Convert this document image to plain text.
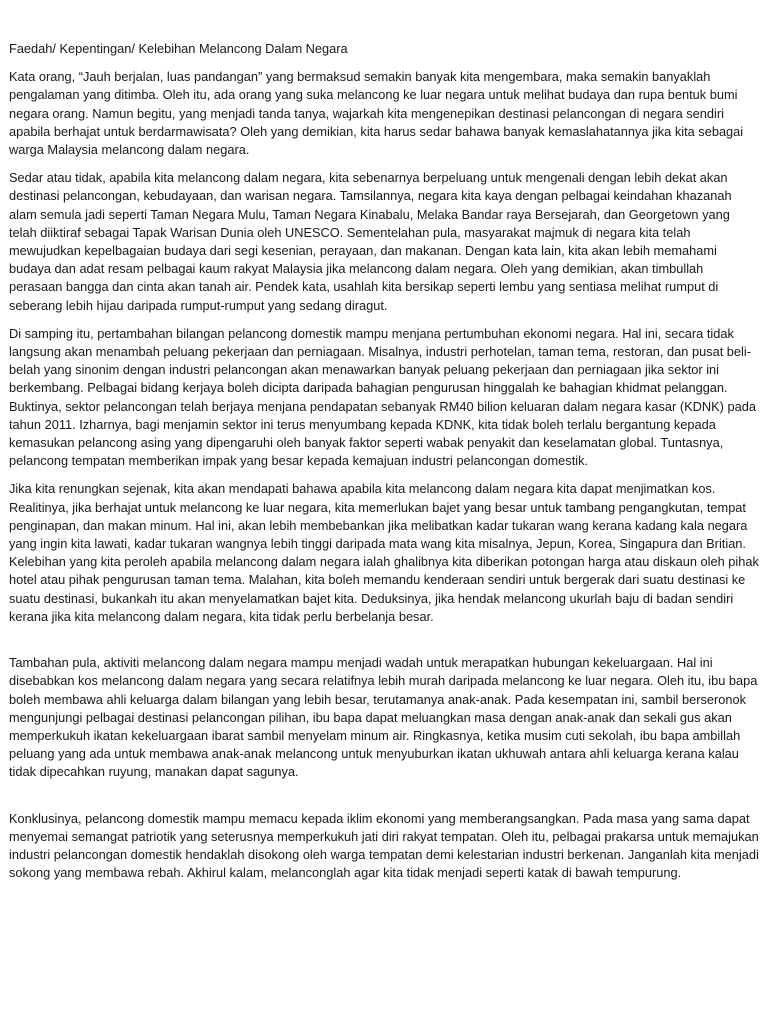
Faedah/ Kepentingan/ Kelebihan Melancong Dalam Negara

Kata orang, “Jauh berjalan, luas pandangan” yang bermaksud semakin banyak kita mengembara, maka semakin banyaklah pengalaman yang ditimba. Oleh itu, ada orang yang suka melancong ke luar negara untuk melihat budaya dan rupa bentuk bumi negara orang. Namun begitu, yang menjadi tanda tanya, wajarkah kita mengenepikan destinasi pelancongan di negara sendiri apabila berhajat untuk berdarmawisata? Oleh yang demikian, kita harus sedar bahawa banyak kemaslahatannya jika kita sebagai warga Malaysia melancong dalam negara.

Sedar atau tidak, apabila kita melancong dalam negara, kita sebenarnya berpeluang untuk mengenali dengan lebih dekat akan destinasi pelancongan, kebudayaan, dan warisan negara. Tamsilannya, negara kita kaya dengan pelbagai keindahan khazanah alam semula jadi seperti Taman Negara Mulu, Taman Negara Kinabalu, Melaka Bandar raya Bersejarah, dan Georgetown yang telah diiktiraf sebagai Tapak Warisan Dunia oleh UNESCO. Sementelahan pula, masyarakat majmuk di negara kita telah mewujudkan kepelbagaian budaya dari segi kesenian, perayaan, dan makanan. Dengan kata lain, kita akan lebih memahami budaya dan adat resam pelbagai kaum rakyat Malaysia jika melancong dalam negara. Oleh yang demikian, akan timbullah perasaan bangga dan cinta akan tanah air. Pendek kata, usahlah kita bersikap seperti lembu yang sentiasa melihat rumput di seberang lebih hijau daripada rumput-rumput yang sedang diragut.

Di samping itu, pertambahan bilangan pelancong domestik mampu menjana pertumbuhan ekonomi negara. Hal ini, secara tidak langsung akan menambah peluang pekerjaan dan perniagaan. Misalnya, industri perhotelan, taman tema, restoran, dan pusat beli-belah yang sinonim dengan industri pelancongan akan menawarkan banyak peluang pekerjaan dan perniagaan jika sektor ini berkembang. Pelbagai bidang kerjaya boleh dicipta daripada bahagian pengurusan hinggalah ke bahagian khidmat pelanggan. Buktinya, sektor pelancongan telah berjaya menjana pendapatan sebanyak RM40 bilion keluaran dalam negara kasar (KDNK) pada tahun 2011. Izharnya, bagi menjamin sektor ini terus menyumbang kepada KDNK, kita tidak boleh terlalu bergantung kepada kemasukan pelancong asing yang dipengaruhi oleh banyak faktor seperti wabak penyakit dan keselamatan global. Tuntasnya, pelancong tempatan memberikan impak yang besar kepada kemajuan industri pelancongan domestik.

Jika kita renungkan sejenak, kita akan mendapati bahawa apabila kita melancong dalam negara kita dapat menjimatkan kos. Realitinya, jika berhajat untuk melancong ke luar negara, kita memerlukan bajet yang besar untuk tambang pengangkutan, tempat penginapan, dan makan minum. Hal ini, akan lebih membebankan jika melibatkan kadar tukaran wang kerana kadang kala negara yang ingin kita lawati, kadar tukaran wangnya lebih tinggi daripada mata wang kita misalnya, Jepun, Korea, Singapura dan Britian. Kelebihan yang kita peroleh apabila melancong dalam negara ialah ghalibnya kita diberikan potongan harga atau diskaun oleh pihak hotel atau pihak pengurusan taman tema. Malahan, kita boleh memandu kenderaan sendiri untuk bergerak dari suatu destinasi ke suatu destinasi, bukankah itu akan menyelamatkan bajet kita. Deduksinya, jika hendak melancong ukurlah baju di badan sendiri kerana jika kita melancong dalam negara, kita tidak perlu berbelanja besar.

Tambahan pula, aktiviti melancong dalam negara mampu menjadi wadah untuk merapatkan hubungan kekeluargaan. Hal ini disebabkan kos melancong dalam negara yang secara relatifnya lebih murah daripada melancong ke luar negara. Oleh itu, ibu bapa boleh membawa ahli keluarga dalam bilangan yang lebih besar, terutamanya anak-anak. Pada kesempatan ini, sambil berseronok mengunjungi pelbagai destinasi pelancongan pilihan, ibu bapa dapat meluangkan masa dengan anak-anak dan sekali gus akan memperkukuh ikatan kekeluargaan ibarat sambil menyelam minum air. Ringkasnya, ketika musim cuti sekolah, ibu bapa ambillah peluang yang ada untuk membawa anak-anak melancong untuk menyuburkan ikatan ukhuwah antara ahli keluarga kerana kalau tidak dipecahkan ruyung, manakan dapat sagunya.

Konklusinya, pelancong domestik mampu memacu kepada iklim ekonomi yang memberangsangkan. Pada masa yang sama dapat menyemai semangat patriotik yang seterusnya memperkukuh jati diri rakyat tempatan. Oleh itu, pelbagai prakarsa untuk memajukan industri pelancongan domestik hendaklah disokong oleh warga tempatan demi kelestarian industri berkenan. Janganlah kita menjadi sokong yang membawa rebah. Akhirul kalam, melanconglah agar kita tidak menjadi seperti katak di bawah tempurung.
